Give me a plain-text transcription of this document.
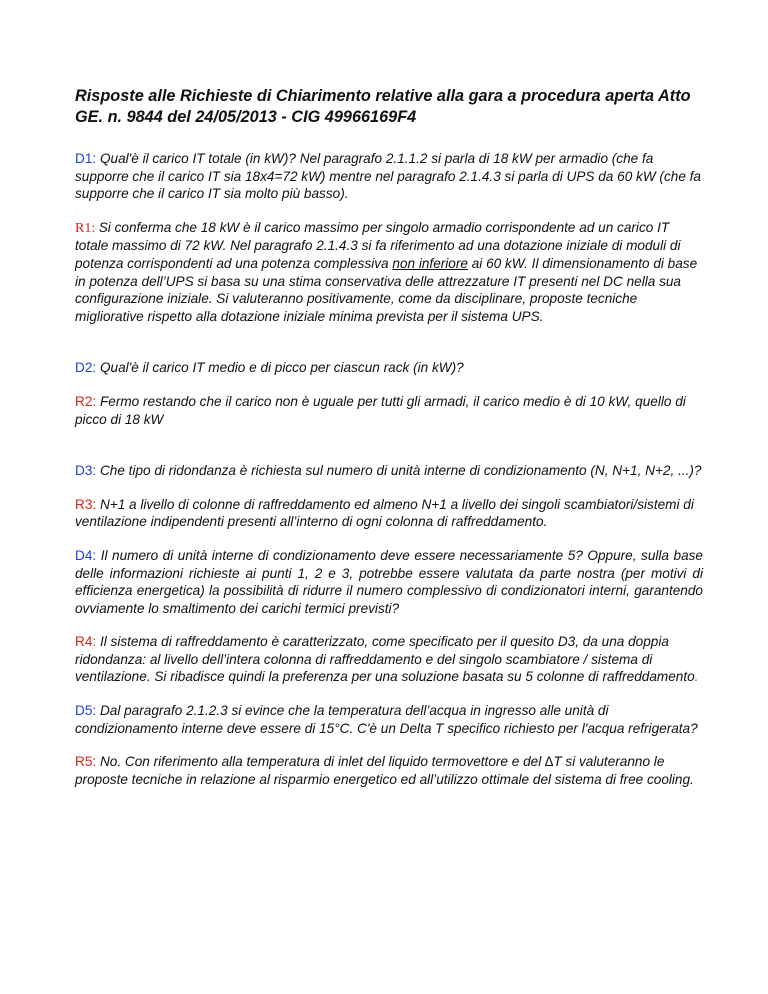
Risposte alle Richieste di Chiarimento relative alla gara a procedura aperta Atto GE. n. 9844 del 24/05/2013 - CIG 49966169F4

D1: Qual'è il carico IT totale (in kW)? Nel paragrafo 2.1.1.2 si parla di 18 kW per armadio (che fa supporre che il carico IT sia 18x4=72 kW) mentre nel paragrafo 2.1.4.3 si parla di UPS da 60 kW (che fa supporre che il carico IT sia molto più basso).

R1: Si conferma che 18 kW è il carico massimo per singolo armadio corrispondente ad un carico IT totale massimo di 72 kW. Nel paragrafo 2.1.4.3 si fa riferimento ad una dotazione iniziale di moduli di potenza corrispondenti ad una potenza complessiva non inferiore ai 60 kW. Il dimensionamento di base in potenza dell’UPS si basa su una stima conservativa delle attrezzature IT presenti nel DC nella sua configurazione iniziale. Si valuteranno positivamente, come da disciplinare, proposte tecniche migliorative rispetto alla dotazione iniziale minima prevista per il sistema UPS.

D2: Qual'è il carico IT medio e di picco per ciascun rack (in kW)?

R2: Fermo restando che il carico non è uguale per tutti gli armadi, il carico medio è di 10 kW, quello di picco di 18 kW

D3: Che tipo di ridondanza è richiesta sul numero di unità interne di condizionamento (N, N+1, N+2, ...)?

R3: N+1 a livello di colonne di raffreddamento ed almeno N+1 a livello dei singoli scambiatori/sistemi di ventilazione indipendenti presenti all’interno di ogni colonna di raffreddamento.

D4: Il numero di unità interne di condizionamento deve essere necessariamente 5? Oppure, sulla base delle informazioni richieste ai punti 1, 2 e 3, potrebbe essere valutata da parte nostra (per motivi di efficienza energetica) la possibilità di ridurre il numero complessivo di condizionatori interni, garantendo ovviamente lo smaltimento dei carichi termici previsti?

R4: Il sistema di raffreddamento è caratterizzato, come specificato per il quesito D3, da una doppia ridondanza: al livello dell’intera colonna di raffreddamento e del singolo scambiatore / sistema di ventilazione. Si ribadisce quindi la preferenza per una soluzione basata su 5 colonne di raffreddamento.

D5: Dal paragrafo 2.1.2.3 si evince che la temperatura dell’acqua in ingresso alle unità di condizionamento interne deve essere di 15°C. C'è un Delta T specifico richiesto per l'acqua refrigerata?

R5: No. Con riferimento alla temperatura di inlet del liquido termovettore e del ∆T si valuteranno le proposte tecniche in relazione al risparmio energetico ed all’utilizzo ottimale del sistema di free cooling.
